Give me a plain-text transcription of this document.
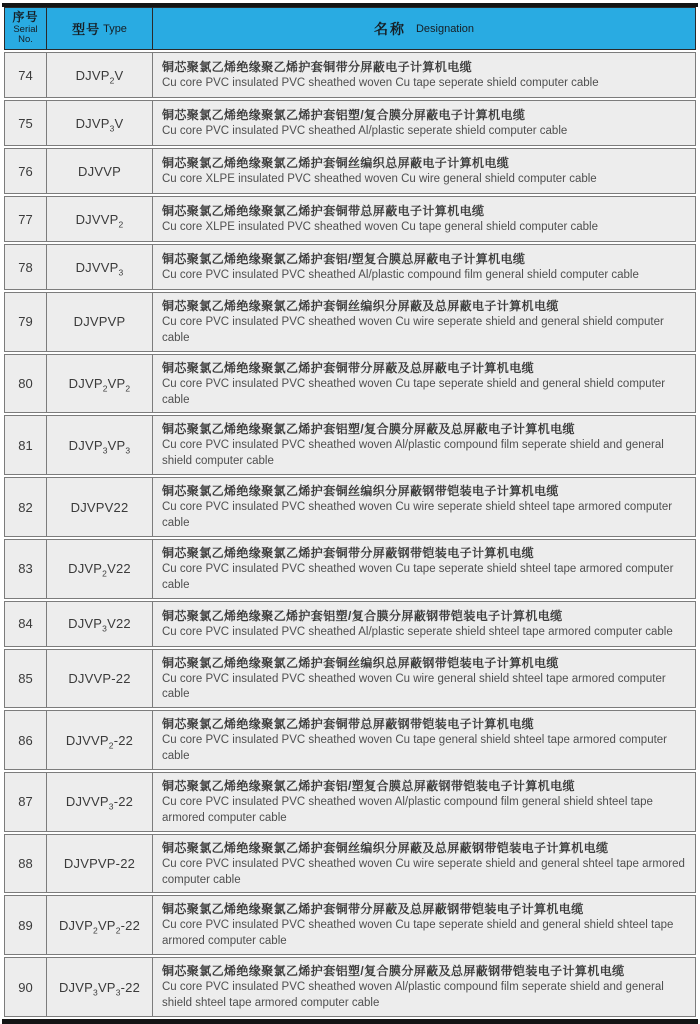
序号
Serial
No.
型号 Type	名称 Designation
74	$DJVP_2V$
铜芯聚氯乙烯绝缘聚乙烯护套铜带分屏蔽电子计算机电缆
Cu core PVC insulated PVC sheathed woven Cu tape seperate shield computer cable
75	$DJVP_3V$
铜芯聚氯乙烯绝缘聚氯乙烯护套铝塑/复合膜分屏蔽电子计算机电缆
Cu core PVC insulated PVC sheathed Al/plastic seperate shield computer cable
76	DJVVP
铜芯聚氯乙烯绝缘聚氯乙烯护套铜丝编织总屏蔽电子计算机电缆
Cu core XLPE insulated PVC sheathed woven Cu wire general shield computer cable
77	$DJVVP_2$
铜芯聚氯乙烯绝缘聚氯乙烯护套铜带总屏蔽电子计算机电缆
Cu core XLPE insulated PVC sheathed woven Cu tape general shield computer cable
78	$DJVVP_3$
铜芯聚氯乙烯绝缘聚氯乙烯护套铝/塑复合膜总屏蔽电子计算机电缆
Cu core PVC insulated PVC sheathed Al/plastic compound film general shield computer cable
79	DJVPVP
铜芯聚氯乙烯绝缘聚氯乙烯护套铜丝编织分屏蔽及总屏蔽电子计算机电缆
Cu core PVC insulated PVC sheathed woven Cu wire seperate shield and general shield computer cable
80	$DJVP_2VP_2$
铜芯聚氯乙烯绝缘聚氯乙烯护套铜带分屏蔽及总屏蔽电子计算机电缆
Cu core PVC insulated PVC sheathed woven Cu tape seperate shield and general shield computer cable
81	$DJVP_3VP_3$
铜芯聚氯乙烯绝缘聚氯乙烯护套铝塑/复合膜分屏蔽及总屏蔽电子计算机电缆
Cu core PVC insulated PVC sheathed woven Al/plastic compound film seperate shield and general shield computer cable
82	DJVPV22
铜芯聚氯乙烯绝缘聚氯乙烯护套铜丝编织分屏蔽钢带铠装电子计算机电缆
Cu core PVC insulated PVC sheathed woven Cu wire seperate shield shteel tape armored computer cable
83	$DJVP_2V22$
铜芯聚氯乙烯绝缘聚氯乙烯护套铜带分屏蔽钢带铠装电子计算机电缆
Cu core PVC insulated PVC sheathed woven Cu tape seperate shield shteel tape armored computer cable
84	$DJVP_3V22$
铜芯聚氯乙烯绝缘聚乙烯护套铝塑/复合膜分屏蔽钢带铠装电子计算机电缆
Cu core PVC insulated PVC sheathed Al/plastic seperate shield shteel tape armored computer cable
85	DJVVP-22
铜芯聚氯乙烯绝缘聚氯乙烯护套铜丝编织总屏蔽钢带铠装电子计算机电缆
Cu core PVC insulated PVC sheathed woven Cu wire general shield shteel tape armored computer cable
86	$DJVVP_2-22$
铜芯聚氯乙烯绝缘聚氯乙烯护套铜带总屏蔽钢带铠装电子计算机电缆
Cu core PVC insulated PVC sheathed woven Cu tape general shield shteel tape armored computer cable
87	$DJVVP_3-22$
铜芯聚氯乙烯绝缘聚氯乙烯护套铝/塑复合膜总屏蔽钢带铠装电子计算机电缆
Cu core PVC insulated PVC sheathed woven Al/plastic compound film general shield shteel tape armored computer cable
88 DJVPVP-22
铜芯聚氯乙烯绝缘聚氯乙烯护套铜丝编织分屏蔽及总屏蔽钢带铠装电子计算机电缆
Cu core PVC insulated PVC sheathed woven Cu wire seperate shield and general shteel tape armored computer cable
89 $DJVP_2VP_2-22$
铜芯聚氯乙烯绝缘聚氯乙烯护套铜带分屏蔽及总屏蔽钢带铠装电子计算机电缆
Cu core PVC insulated PVC sheathed woven Cu tape seperate shield and general shield shteel tape armored computer cable
90 $DJVP_3VP_3-22$
铜芯聚氯乙烯绝缘聚氯乙烯护套铝塑/复合膜分屏蔽及总屏蔽钢带铠装电子计算机电缆
Cu core PVC insulated PVC sheathed woven Al/plastic compound film seperate shield and general shield shteel tape armored computer cable
